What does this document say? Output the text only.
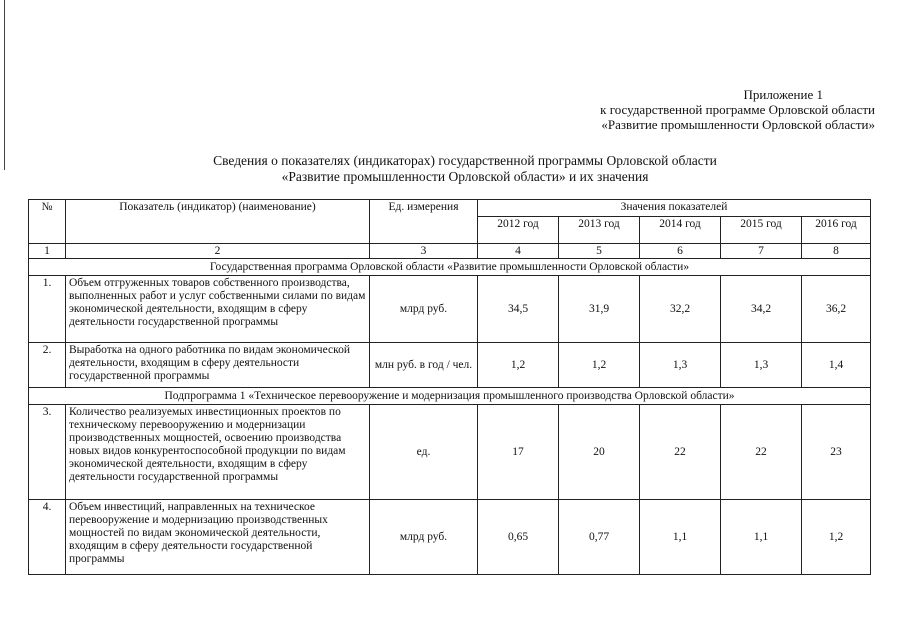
Приложение 1
к государственной программе Орловской области
«Развитие промышленности Орловской области»
Сведения о показателях (индикаторах) государственной программы Орловской области
«Развитие промышленности Орловской области» и их значения
№	Показатель (индикатор) (наименование)	Ед. измерения	Значения показателей				
			2012 год	2013 год	2014 год	2015 год	2016 год
1	2	3	4	5	6	7	8
Государственная программа Орловской области «Развитие промышленности Орловской области»							
1.	Объем отгруженных товаров собственного производства, выполненных работ и услуг собственными силами по видам экономической деятельности, входящим в сферу деятельности государственной программы	млрд руб.	34,5	31,9	32,2	34,2	36,2
2.	Выработка на одного работника по видам экономической деятельности, входящим в сферу деятельности государственной программы	млн руб. в год / чел.	1,2	1,2	1,3	1,3	1,4
Подпрограмма 1 «Техническое перевооружение и модернизация промышленного производства Орловской области»							
3.	Количество реализуемых инвестиционных проектов по техническому перевооружению и модернизации производственных мощностей, освоению производства новых видов конкурентоспособной продукции по видам экономической деятельности, входящим в сферу деятельности государственной программы	ед.	17	20	22	22	23
4.	Объем инвестиций, направленных на техническое перевооружение и модернизацию производственных мощностей по видам экономической деятельности, входящим в сферу деятельности государственной программы	млрд руб.	0,65	0,77	1,1	1,1	1,2
